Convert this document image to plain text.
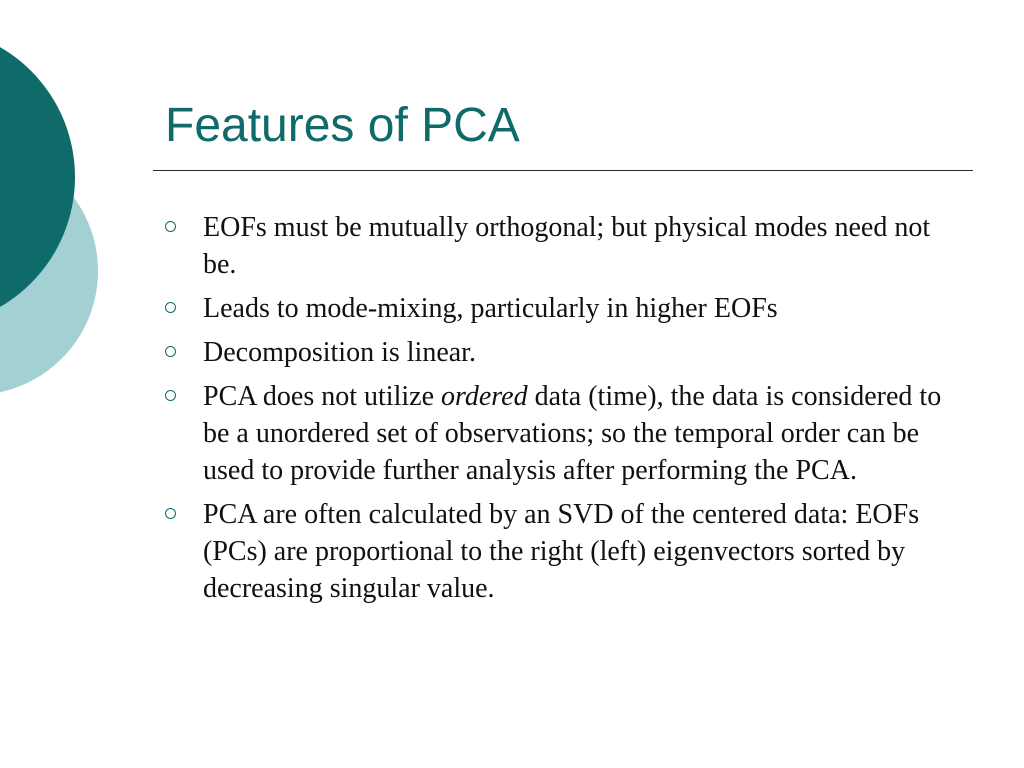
Features of PCA
EOFs must be mutually orthogonal; but physical modes need not be.
Leads to mode-mixing, particularly in higher EOFs
Decomposition is linear.
PCA does not utilize ordered data (time), the data is considered to be a unordered set of observations; so the temporal order can be used to provide further analysis after performing the PCA.
PCA are often calculated by an SVD of the centered data: EOFs (PCs) are proportional to the right (left) eigenvectors sorted by decreasing singular value.
